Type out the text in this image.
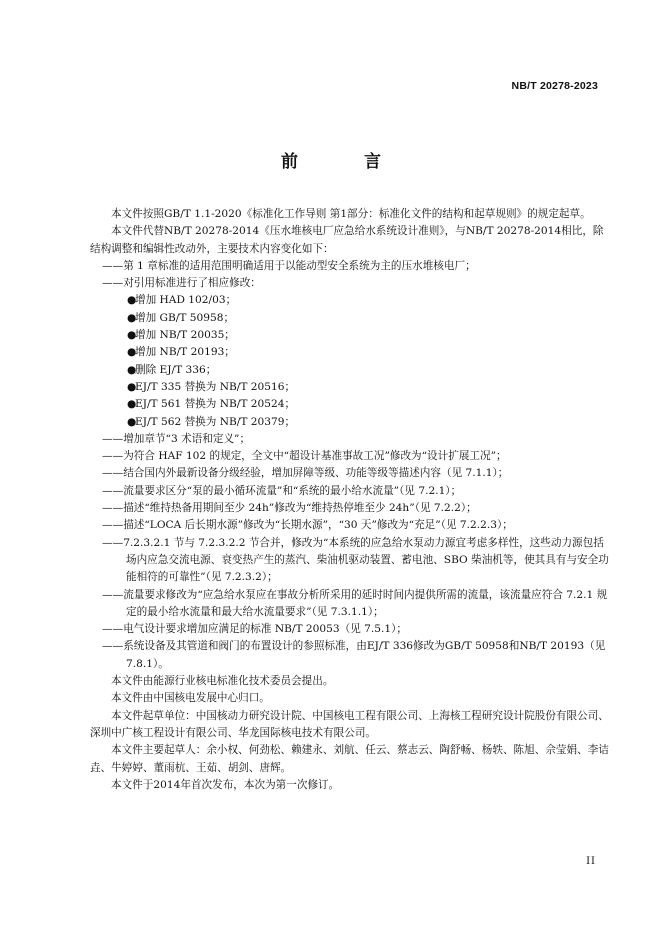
NB/T 20278-2023
前 言

本文件按照GB/T 1.1-2020《标准化工作导则 第1部分：标准化文件的结构和起草规则》的规定起草。

本文件代替NB/T 20278-2014《压水堆核电厂应急给水系统设计准则》，与NB/T 20278-2014相比，除结构调整和编辑性改动外，主要技术内容变化如下：

——第 1 章标准的适用范围明确适用于以能动型安全系统为主的压水堆核电厂；

——对引用标准进行了相应修改：

●增加 HAD 102/03；

●增加 GB/T 50958；

●增加 NB/T 20035；

●增加 NB/T 20193；

●删除 EJ/T 336；

●EJ/T 335 替换为 NB/T 20516；

●EJ/T 561 替换为 NB/T 20524；

●EJ/T 562 替换为 NB/T 20379；

——增加章节“3 术语和定义”；

——为符合 HAF 102 的规定，全文中“超设计基准事故工况”修改为“设计扩展工况”；

——结合国内外最新设备分级经验，增加屏障等级、功能等级等描述内容（见 7.1.1）；

——流量要求区分“泵的最小循环流量”和“系统的最小给水流量”（见 7.2.1）；

——描述“维持热备用期间至少 24h”修改为“维持热停堆至少 24h”（见 7.2.2）；

——描述“LOCA 后长期水源”修改为“长期水源”，“30 天”修改为“充足”（见 7.2.2.3）；

——7.2.3.2.1 节与 7.2.3.2.2 节合并，修改为“本系统的应急给水泵动力源宜考虑多样性，这些动力源包括场内应急交流电源、衰变热产生的蒸汽、柴油机驱动装置、蓄电池、SBO 柴油机等，使其具有与安全功能相符的可靠性”（见 7.2.3.2）；

——流量要求修改为“应急给水泵应在事故分析所采用的延时时间内提供所需的流量，该流量应符合 7.2.1 规定的最小给水流量和最大给水流量要求”（见 7.3.1.1）；

——电气设计要求增加应满足的标准 NB/T 20053（见 7.5.1）；

——系统设备及其管道和阀门的布置设计的参照标准，由EJ/T 336修改为GB/T 50958和NB/T 20193（见 7.8.1）。

本文件由能源行业核电标准化技术委员会提出。

本文件由中国核电发展中心归口。

本文件起草单位：中国核动力研究设计院、中国核电工程有限公司、上海核工程研究设计院股份有限公司、深圳中广核工程设计有限公司、华龙国际核电技术有限公司。

本文件主要起草人：余小权、何劲松、赖建永、刘航、任云、蔡志云、陶舒畅、杨轶、陈旭、佘莹娟、李诘垚、牛婷婷、董雨杭、王茹、胡剑、唐辉。

本文件于2014年首次发布，本次为第一次修订。

II
